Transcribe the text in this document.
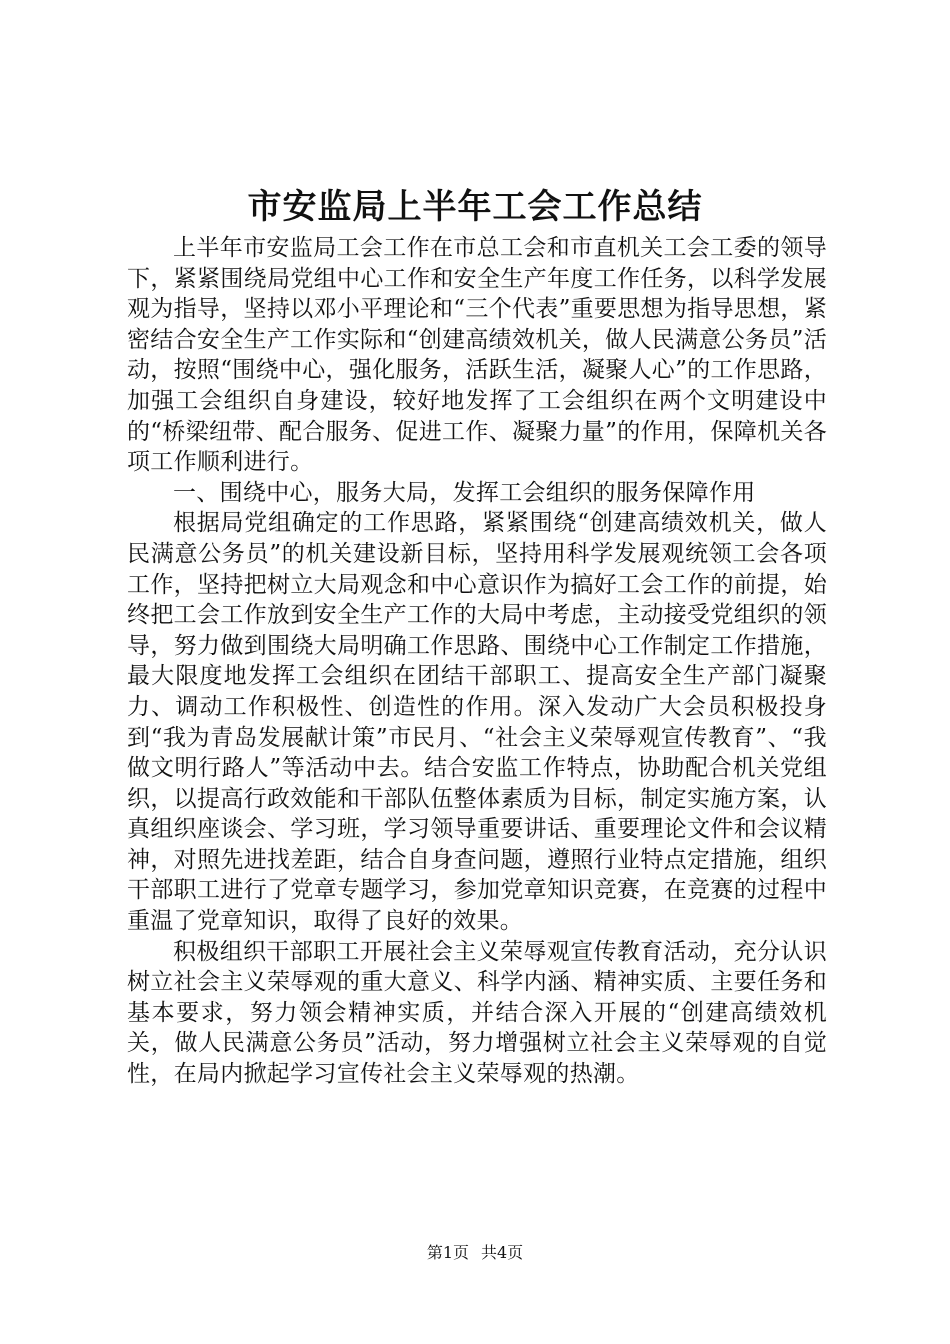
市安监局上半年工会工作总结

上半年市安监局工会工作在市总工会和市直机关工会工委的领导下，紧紧围绕局党组中心工作和安全生产年度工作任务，以科学发展观为指导，坚持以邓小平理论和“三个代表”重要思想为指导思想，紧密结合安全生产工作实际和“创建高绩效机关，做人民满意公务员”活动，按照“围绕中心，强化服务，活跃生活，凝聚人心”的工作思路，加强工会组织自身建设，较好地发挥了工会组织在两个文明建设中的“桥梁纽带、配合服务、促进工作、凝聚力量”的作用，保障机关各项工作顺利进行。

一、围绕中心，服务大局，发挥工会组织的服务保障作用

根据局党组确定的工作思路，紧紧围绕“创建高绩效机关，做人民满意公务员”的机关建设新目标，坚持用科学发展观统领工会各项工作，坚持把树立大局观念和中心意识作为搞好工会工作的前提，始终把工会工作放到安全生产工作的大局中考虑，主动接受党组织的领导，努力做到围绕大局明确工作思路、围绕中心工作制定工作措施，最大限度地发挥工会组织在团结干部职工、提高安全生产部门凝聚力、调动工作积极性、创造性的作用。深入发动广大会员积极投身到“我为青岛发展献计策”市民月、“社会主义荣辱观宣传教育”、“我做文明行路人”等活动中去。结合安监工作特点，协助配合机关党组织，以提高行政效能和干部队伍整体素质为目标，制定实施方案，认真组织座谈会、学习班，学习领导重要讲话、重要理论文件和会议精神，对照先进找差距，结合自身查问题，遵照行业特点定措施，组织干部职工进行了党章专题学习，参加党章知识竞赛，在竞赛的过程中重温了党章知识，取得了良好的效果。

积极组织干部职工开展社会主义荣辱观宣传教育活动，充分认识树立社会主义荣辱观的重大意义、科学内涵、精神实质、主要任务和基本要求，努力领会精神实质，并结合深入开展的“创建高绩效机关，做人民满意公务员”活动，努力增强树立社会主义荣辱观的自觉性，在局内掀起学习宣传社会主义荣辱观的热潮。

第1页 共4页
